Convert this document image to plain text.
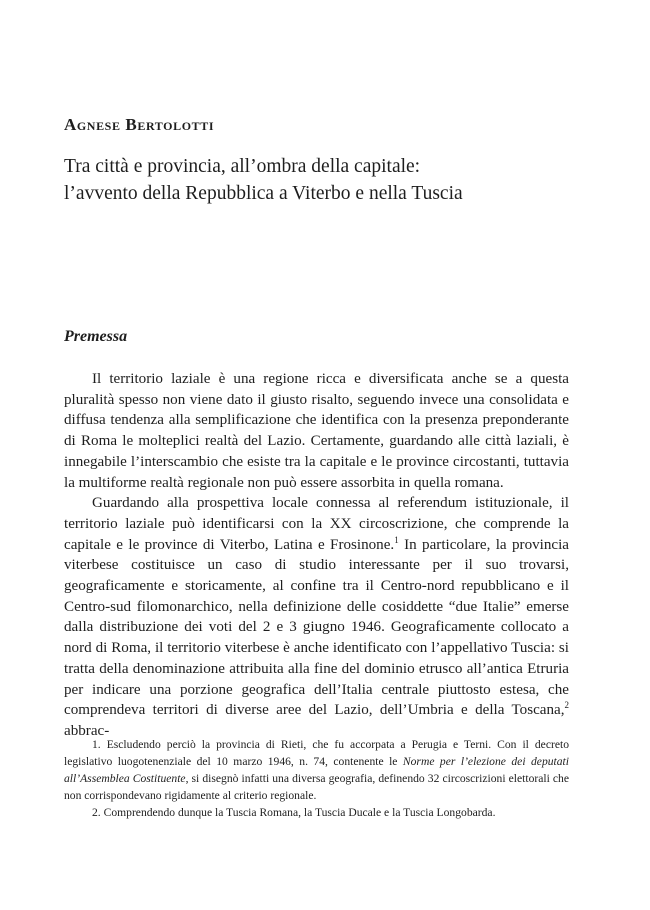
Agnese Bertolotti
Tra città e provincia, all’ombra della capitale:
l’avvento della Repubblica a Viterbo e nella Tuscia
Premessa

Il territorio laziale è una regione ricca e diversificata anche se a questa pluralità spesso non viene dato il giusto risalto, seguendo invece una consolidata e diffusa tendenza alla semplificazione che identifica con la presenza preponderante di Roma le molteplici realtà del Lazio. Certamente, guardando alle città laziali, è innegabile l’interscambio che esiste tra la capitale e le province circostanti, tuttavia la multiforme realtà regionale non può essere assorbita in quella romana.

Guardando alla prospettiva locale connessa al referendum istituzionale, il territorio laziale può identificarsi con la XX circoscrizione, che comprende la capitale e le province di Viterbo, Latina e Frosinone.$^1$ In particolare, la provincia viterbese costituisce un caso di studio interessante per il suo trovarsi, geograficamente e storicamente, al confine tra il Centro-nord repubblicano e il Centro-sud filomonarchico, nella definizione delle cosiddette “due Italie” emerse dalla distribuzione dei voti del 2 e 3 giugno 1946. Geograficamente collocato a nord di Roma, il territorio viterbese è anche identificato con l’appellativo Tuscia: si tratta della denominazione attribuita alla fine del dominio etrusco all’antica Etruria per indicare una porzione geografica dell’Italia centrale piuttosto estesa, che comprendeva territori di diverse aree del Lazio, dell’Umbria e della Toscana,$^2$ abbrac-

1. Escludendo perciò la provincia di Rieti, che fu accorpata a Perugia e Terni. Con il decreto legislativo luogotenenziale del 10 marzo 1946, n. 74, contenente le Norme per l’elezione dei deputati all’Assemblea Costituente, si disegnò infatti una diversa geografia, definendo 32 circoscrizioni elettorali che non corrispondevano rigidamente al criterio regionale.

2. Comprendendo dunque la Tuscia Romana, la Tuscia Ducale e la Tuscia Longobarda.
